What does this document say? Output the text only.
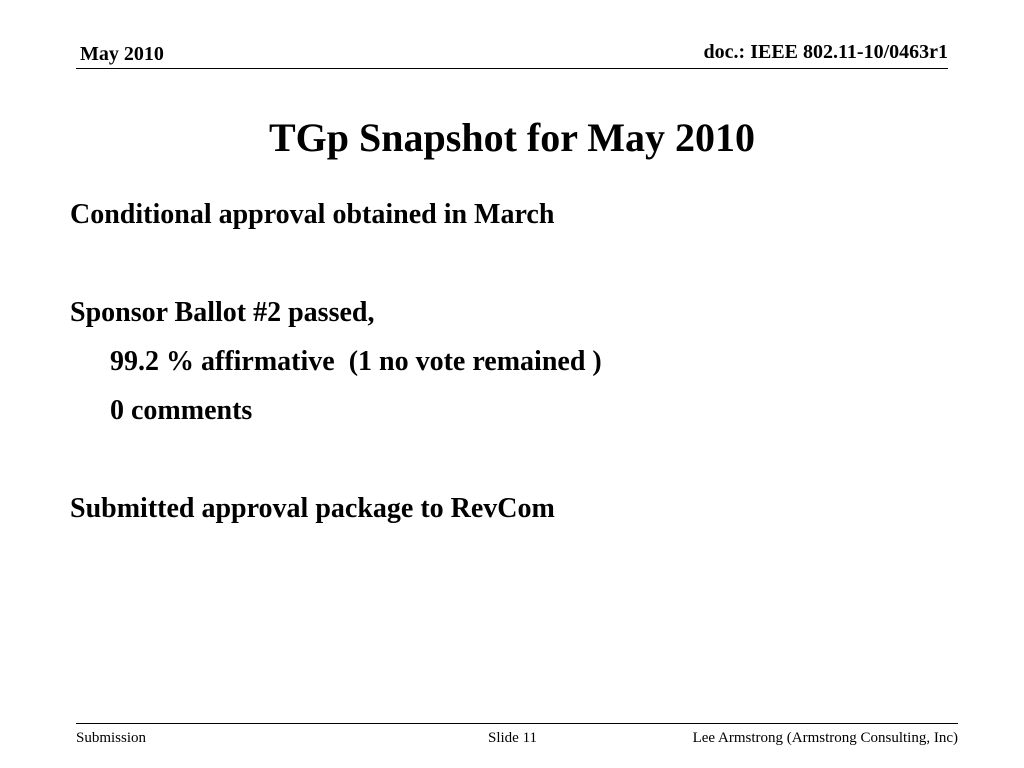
May 2010	doc.: IEEE 802.11-10/0463r1
TGp Snapshot for May 2010
Conditional approval obtained in March
Sponsor Ballot #2 passed,
99.2 % affirmative  (1 no vote remained )
0 comments
Submitted approval package to RevCom
Submission	Slide 11	Lee Armstrong (Armstrong Consulting, Inc)
